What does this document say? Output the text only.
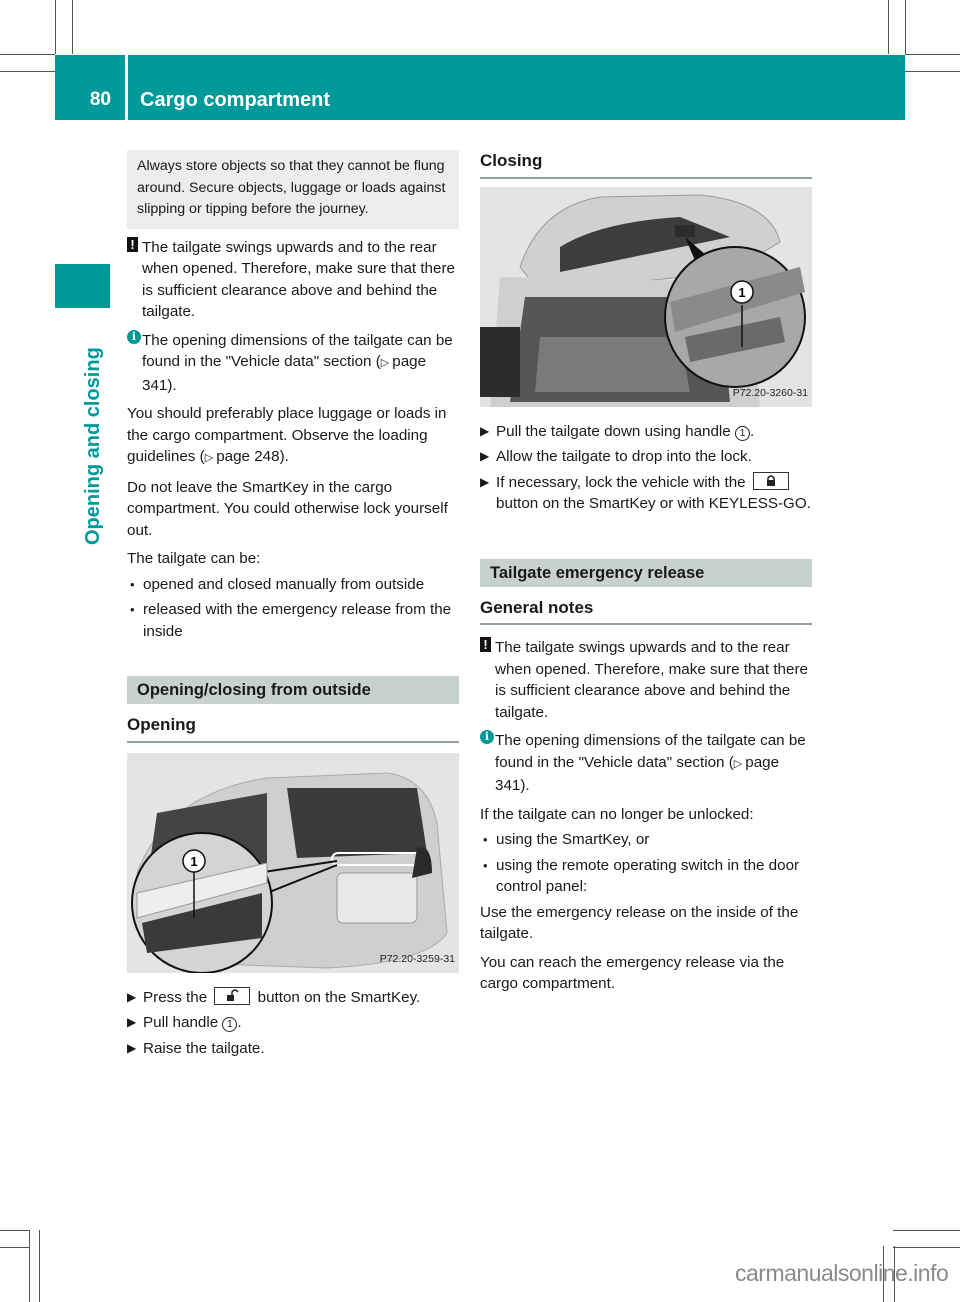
80	Cargo compartment
Opening and closing
Always store objects so that they cannot be flung around. Secure objects, luggage or loads against slipping or tipping before the journey.
! The tailgate swings upwards and to the rear when opened. Therefore, make sure that there is sufficient clearance above and behind the tailgate.
i The opening dimensions of the tailgate can be found in the "Vehicle data" section (▷ page 341).

You should preferably place luggage or loads in the cargo compartment. Observe the loading guidelines (▷ page 248).

Do not leave the SmartKey in the cargo compartment. You could otherwise lock yourself out.

The tailgate can be:

• opened and closed manually from outside
• released with the emergency release from the inside
Opening/closing from outside
Opening
1
P72.20-3259-31
▶ Press the	button on the SmartKey.
▶ Pull handle 1 .
▶ Raise the tailgate.
Closing
1
P72.20-3260-31
▶ Pull the tailgate down using handle 1 .
▶ Allow the tailgate to drop into the lock.
▶ If necessary, lock the vehicle with the
button on the SmartKey or with KEYLESS-GO.
Tailgate emergency release
General notes
! The tailgate swings upwards and to the rear when opened. Therefore, make sure that there is sufficient clearance above and behind the tailgate.
i The opening dimensions of the tailgate can be found in the "Vehicle data" section (▷ page 341).

If the tailgate can no longer be unlocked:

• using the SmartKey, or
• using the remote operating switch in the door control panel:

Use the emergency release on the inside of the tailgate.

You can reach the emergency release via the cargo compartment.

carmanualsonline.info
